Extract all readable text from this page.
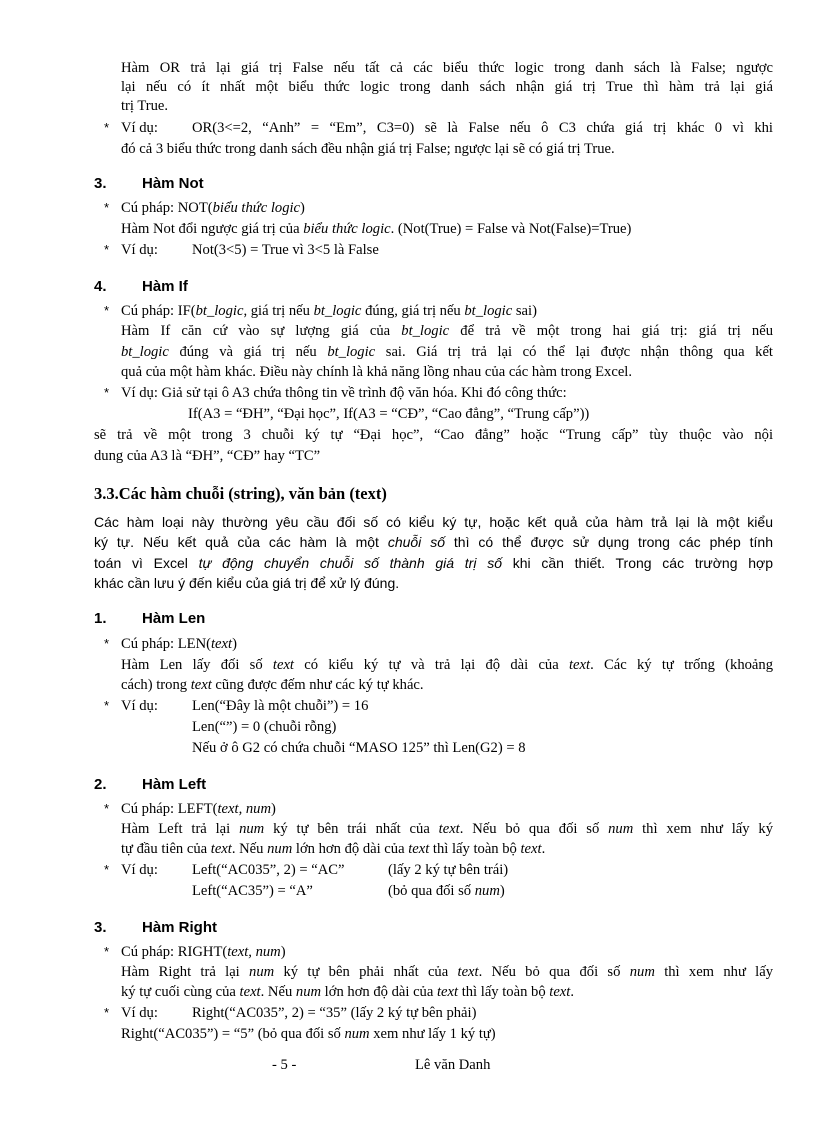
Hàm OR trả lại giá trị False nếu tất cả các biểu thức logic trong danh sách là False; ngược
lại nếu có ít nhất một biểu thức logic trong danh sách nhận giá trị True thì hàm trả lại giá
trị True.
* Ví dụ: OR(3<=2, “Anh” = “Em”, C3=0) sẽ là False nếu ô C3 chứa giá trị khác 0 vì khi
đó cả 3 biểu thức trong danh sách đều nhận giá trị False; ngược lại sẽ có giá trị True.
3. Hàm Not
* Cú pháp: NOT(biểu thức logic)
Hàm Not đổi ngược giá trị của biểu thức logic. (Not(True) = False và Not(False)=True)
* Ví dụ: Not(3<5) = True vì 3<5 là False
4. Hàm If
* Cú pháp: IF(bt_logic, giá trị nếu bt_logic đúng, giá trị nếu bt_logic sai)
Hàm If căn cứ vào sự lượng giá của bt_logic để trả về một trong hai giá trị: giá trị nếu
bt_logic đúng và giá trị nếu bt_logic sai. Giá trị trả lại có thể lại được nhận thông qua kết
quả của một hàm khác. Điều này chính là khả năng lồng nhau của các hàm trong Excel.
* Ví dụ: Giả sử tại ô A3 chứa thông tin về trình độ văn hóa. Khi đó công thức:
If(A3 = “ĐH”, “Đại học”, If(A3 = “CĐ”, “Cao đẳng”, “Trung cấp”))
sẽ trả về một trong 3 chuỗi ký tự “Đại học”, “Cao đẳng” hoặc “Trung cấp” tùy thuộc vào nội
dung của A3 là “ĐH”, “CĐ” hay “TC”
3.3.Các hàm chuỗi (string), văn bản (text)
Các hàm loại này thường yêu cầu đối số có kiểu ký tự, hoặc kết quả của hàm trả lại là một kiểu
ký tự. Nếu kết quả của các hàm là một chuỗi số thì có thể được sử dụng trong các phép tính
toán vì Excel tự động chuyển chuỗi số thành giá trị số khi cần thiết. Trong các trường hợp
khác cần lưu ý đến kiểu của giá trị để xử lý đúng.
1. Hàm Len
* Cú pháp: LEN(text)
Hàm Len lấy đối số text có kiểu ký tự và trả lại độ dài của text. Các ký tự trống (khoảng
cách) trong text cũng được đếm như các ký tự khác.
* Ví dụ: Len(“Đây là một chuỗi”) = 16
Len(“”) = 0 (chuỗi rỗng)
Nếu ở ô G2 có chứa chuỗi “MASO 125” thì Len(G2) = 8
2. Hàm Left
* Cú pháp: LEFT(text, num)
Hàm Left trả lại num ký tự bên trái nhất của text. Nếu bỏ qua đối số num thì xem như lấy ký
tự đầu tiên của text. Nếu num lớn hơn độ dài của text thì lấy toàn bộ text.
* Ví dụ: Left(“AC035”, 2) = “AC”	(lấy 2 ký tự bên trái)
Left(“AC35”) = “A”	(bỏ qua đối số num)
3. Hàm Right
* Cú pháp: RIGHT(text, num)
Hàm Right trả lại num ký tự bên phải nhất của text. Nếu bỏ qua đối số num thì xem như lấy
ký tự cuối cùng của text. Nếu num lớn hơn độ dài của text thì lấy toàn bộ text.
* Ví dụ: Right(“AC035”, 2) = “35” (lấy 2 ký tự bên phải)
Right(“AC035”) = “5” (bỏ qua đối số num xem như lấy 1 ký tự)
- 5 -	Lê văn Danh
